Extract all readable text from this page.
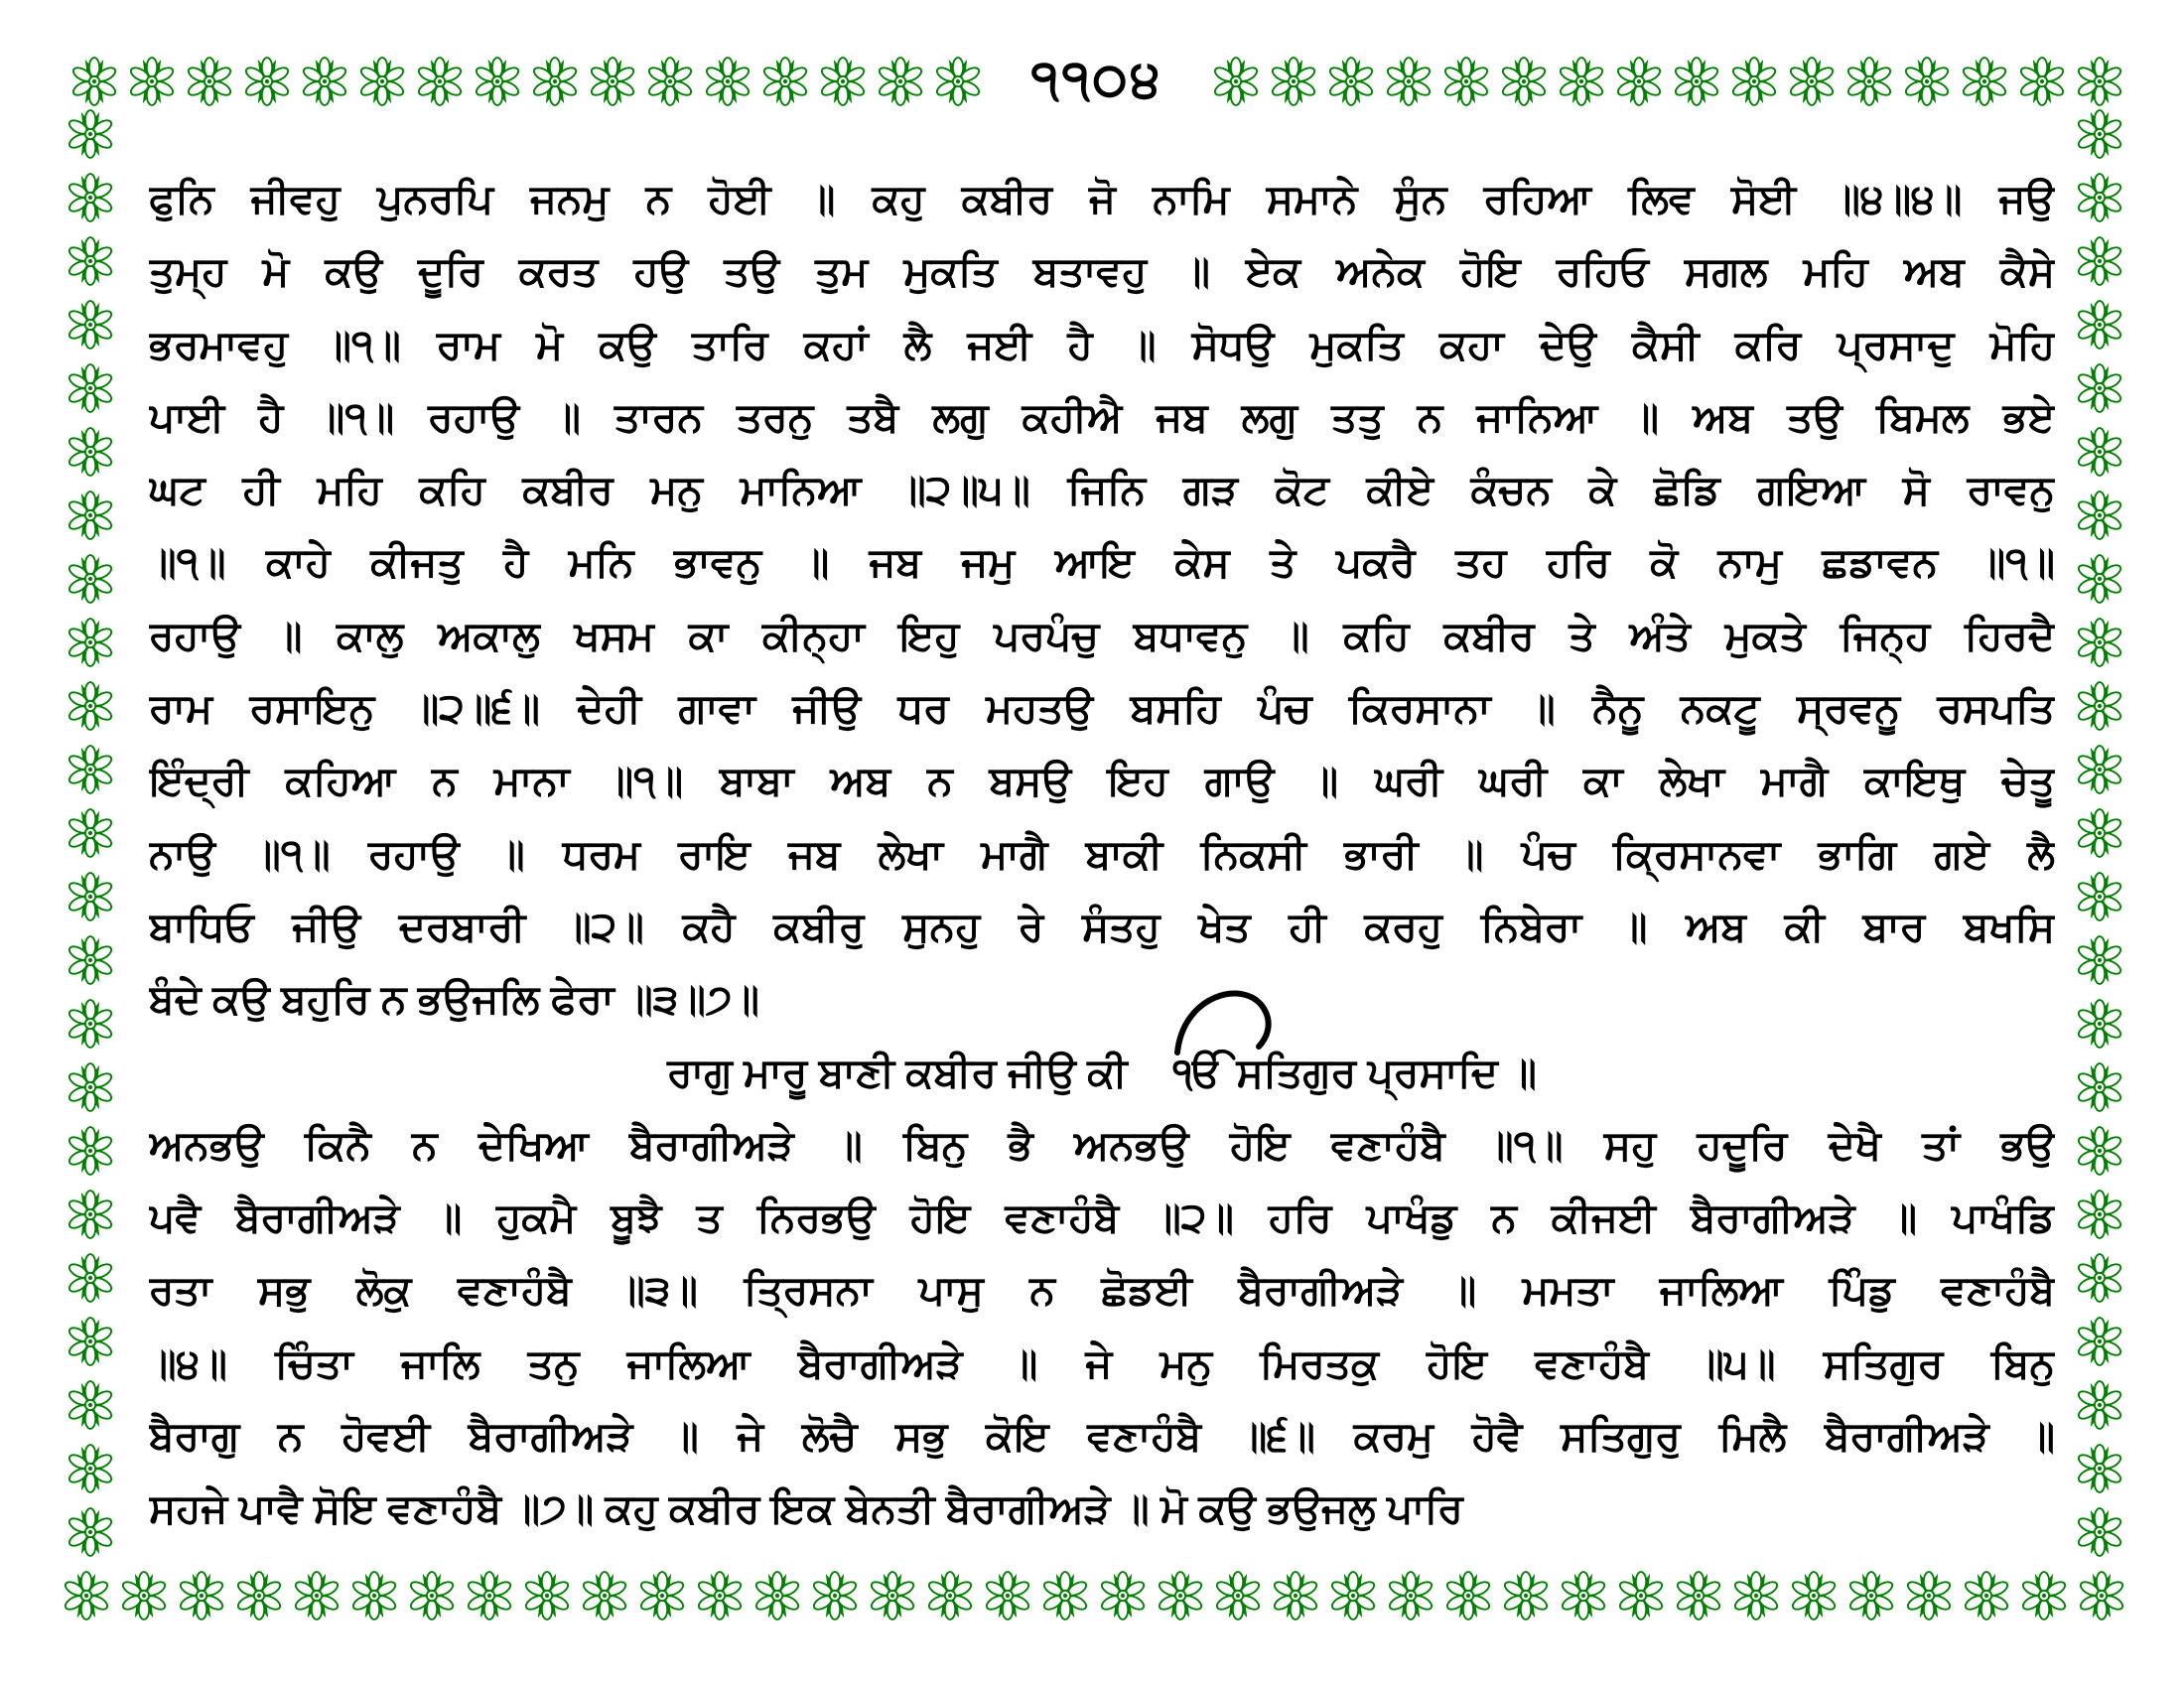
੧੧੦੪
ਫੁਨਿ ਜੀਵਹੁ ਪੁਨਰਪਿ ਜਨਮੁ ਨ ਹੋਈ ॥ ਕਹੁ ਕਬੀਰ ਜੋ ਨਾਮਿ ਸਮਾਨੇ ਸੁੰਨ ਰਹਿਆ ਲਿਵ ਸੋਈ ॥੪॥੪॥ ਜਉ
ਤੁਮ੍ਹ ਮੋ ਕਉ ਦੂਰਿ ਕਰਤ ਹਉ ਤਉ ਤੁਮ ਮੁਕਤਿ ਬਤਾਵਹੁ ॥ ਏਕ ਅਨੇਕ ਹੋਇ ਰਹਿਓ ਸਗਲ ਮਹਿ ਅਬ ਕੈਸੇ
ਭਰਮਾਵਹੁ ॥੧॥ ਰਾਮ ਮੋ ਕਉ ਤਾਰਿ ਕਹਾਂ ਲੈ ਜਈ ਹੈ ॥ ਸੋਧਉ ਮੁਕਤਿ ਕਹਾ ਦੇਉ ਕੈਸੀ ਕਰਿ ਪ੍ਰਸਾਦੁ ਮੋਹਿ
ਪਾਈ ਹੈ ॥੧॥ ਰਹਾਉ ॥ ਤਾਰਨ ਤਰਨੁ ਤਬੈ ਲਗੁ ਕਹੀਐ ਜਬ ਲਗੁ ਤਤੁ ਨ ਜਾਨਿਆ ॥ ਅਬ ਤਉ ਬਿਮਲ ਭਏ
ਘਟ ਹੀ ਮਹਿ ਕਹਿ ਕਬੀਰ ਮਨੁ ਮਾਨਿਆ ॥੨॥੫॥ ਜਿਨਿ ਗੜ ਕੋਟ ਕੀਏ ਕੰਚਨ ਕੇ ਛੋਡਿ ਗਇਆ ਸੋ ਰਾਵਨੁ
॥੧॥ ਕਾਹੇ ਕੀਜਤੁ ਹੈ ਮਨਿ ਭਾਵਨੁ ॥ ਜਬ ਜਮੁ ਆਇ ਕੇਸ ਤੇ ਪਕਰੈ ਤਹ ਹਰਿ ਕੋ ਨਾਮੁ ਛਡਾਵਨ ॥੧॥
ਰਹਾਉ ॥ ਕਾਲੁ ਅਕਾਲੁ ਖਸਮ ਕਾ ਕੀਨ੍ਹਾ ਇਹੁ ਪਰਪੰਚੁ ਬਧਾਵਨੁ ॥ ਕਹਿ ਕਬੀਰ ਤੇ ਅੰਤੇ ਮੁਕਤੇ ਜਿਨ੍ਹ ਹਿਰਦੈ
ਰਾਮ ਰਸਾਇਨੁ ॥੨॥੬॥ ਦੇਹੀ ਗਾਵਾ ਜੀਉ ਧਰ ਮਹਤਉ ਬਸਹਿ ਪੰਚ ਕਿਰਸਾਨਾ ॥ ਨੈਨੂ ਨਕਟੂ ਸ੍ਰਵਨੂ ਰਸਪਤਿ
ਇੰਦ੍ਰੀ ਕਹਿਆ ਨ ਮਾਨਾ ॥੧॥ ਬਾਬਾ ਅਬ ਨ ਬਸਉ ਇਹ ਗਾਉ ॥ ਘਰੀ ਘਰੀ ਕਾ ਲੇਖਾ ਮਾਗੈ ਕਾਇਥੁ ਚੇਤੂ
ਨਾਉ ॥੧॥ ਰਹਾਉ ॥ ਧਰਮ ਰਾਇ ਜਬ ਲੇਖਾ ਮਾਗੈ ਬਾਕੀ ਨਿਕਸੀ ਭਾਰੀ ॥ ਪੰਚ ਕ੍ਰਿਸਾਨਵਾ ਭਾਗਿ ਗਏ ਲੈ
ਬਾਧਿਓ ਜੀਉ ਦਰਬਾਰੀ ॥੨॥ ਕਹੈ ਕਬੀਰੁ ਸੁਨਹੁ ਰੇ ਸੰਤਹੁ ਖੇਤ ਹੀ ਕਰਹੁ ਨਿਬੇਰਾ ॥ ਅਬ ਕੀ ਬਾਰ ਬਖਸਿ
ਬੰਦੇ ਕਉ ਬਹੁਰਿ ਨ ਭਉਜਲਿ ਫੇਰਾ ॥੩॥੭॥
ਰਾਗੁ ਮਾਰੂ ਬਾਣੀ ਕਬੀਰ ਜੀਉ ਕੀ ੴ ਸਤਿਗੁਰ ਪ੍ਰਸਾਦਿ ॥
ਅਨਭਉ ਕਿਨੈ ਨ ਦੇਖਿਆ ਬੈਰਾਗੀਅੜੇ ॥ ਬਿਨੁ ਭੈ ਅਨਭਉ ਹੋਇ ਵਣਾਹੰਬੈ ॥੧॥ ਸਹੁ ਹਦੂਰਿ ਦੇਖੈ ਤਾਂ ਭਉ
ਪਵੈ ਬੈਰਾਗੀਅੜੇ ॥ ਹੁਕਮੈ ਬੂਝੈ ਤ ਨਿਰਭਉ ਹੋਇ ਵਣਾਹੰਬੈ ॥੨॥ ਹਰਿ ਪਾਖੰਡੁ ਨ ਕੀਜਈ ਬੈਰਾਗੀਅੜੇ ॥ ਪਾਖੰਡਿ
ਰਤਾ ਸਭੁ ਲੋਕੁ ਵਣਾਹੰਬੈ ॥੩॥ ਤ੍ਰਿਸਨਾ ਪਾਸੁ ਨ ਛੋਡਈ ਬੈਰਾਗੀਅੜੇ ॥ ਮਮਤਾ ਜਾਲਿਆ ਪਿੰਡੁ ਵਣਾਹੰਬੈ
॥੪॥ ਚਿੰਤਾ ਜਾਲਿ ਤਨੁ ਜਾਲਿਆ ਬੈਰਾਗੀਅੜੇ ॥ ਜੇ ਮਨੁ ਮਿਰਤਕੁ ਹੋਇ ਵਣਾਹੰਬੈ ॥੫॥ ਸਤਿਗੁਰ ਬਿਨੁ
ਬੈਰਾਗੁ ਨ ਹੋਵਈ ਬੈਰਾਗੀਅੜੇ ॥ ਜੇ ਲੋਚੈ ਸਭੁ ਕੋਇ ਵਣਾਹੰਬੈ ॥੬॥ ਕਰਮੁ ਹੋਵੈ ਸਤਿਗੁਰੁ ਮਿਲੈ ਬੈਰਾਗੀਅੜੇ ॥
ਸਹਜੇ ਪਾਵੈ ਸੋਇ ਵਣਾਹੰਬੈ ॥੭॥ ਕਹੁ ਕਬੀਰ ਇਕ ਬੇਨਤੀ ਬੈਰਾਗੀਅੜੇ ॥ ਮੋ ਕਉ ਭਉਜਲੁ ਪਾਰਿ
